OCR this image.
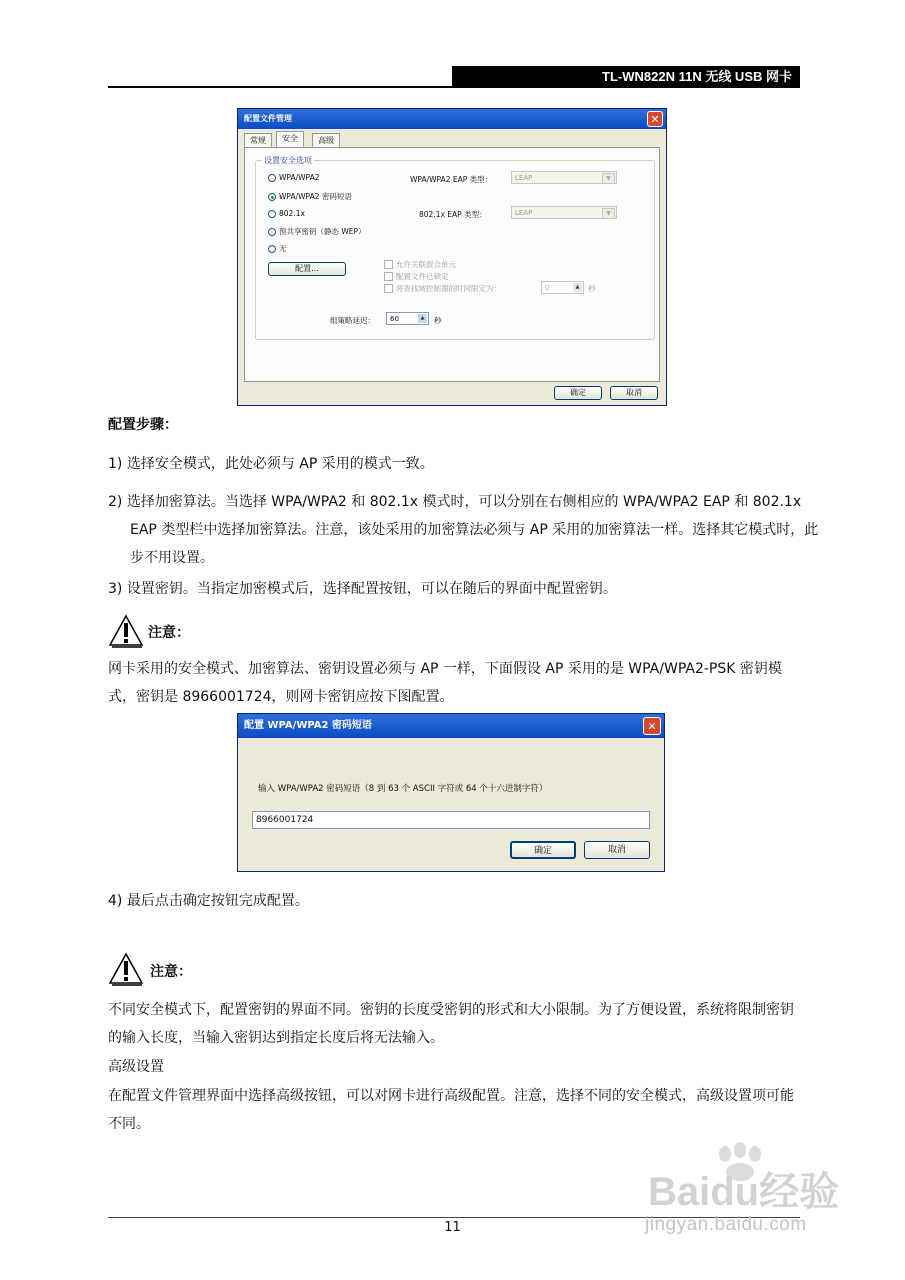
TL-WN822N 11N 无线 USB 网卡
配置文件管理	✕
常规	安全	高级
设置安全选项
WPA/WPA2
WPA/WPA2 密码短语
802.1x
预共享密钥（静态 WEP）
无
WPA/WPA2 EAP 类型：	LEAP	▼
802.1x EAP 类型：	LEAP	▼
配置...	允许关联混合单元
配置文件已锁定
将查找域控制器的时间限定为：	0	▲	秒
组策略延迟：	60	▲	秒
确定	取消
配置步骤：
1) 选择安全模式，此处必须与 AP 采用的模式一致。
2) 选择加密算法。当选择 WPA/WPA2 和 802.1x 模式时，可以分别在右侧相应的 WPA/WPA2 EAP 和 802.1x EAP 类型栏中选择加密算法。注意，该处采用的加密算法必须与 AP 采用的加密算法一样。选择其它模式时，此步不用设置。
3) 设置密钥。当指定加密模式后，选择配置按钮，可以在随后的界面中配置密钥。
注意：
网卡采用的安全模式、加密算法、密钥设置必须与 AP 一样，下面假设 AP 采用的是 WPA/WPA2-PSK 密钥模式，密钥是 8966001724，则网卡密钥应按下图配置。
配置 WPA/WPA2 密码短语	✕
输入 WPA/WPA2 密码短语（8 到 63 个 ASCII 字符或 64 个十六进制字符）
8966001724
确定	取消
4) 最后点击确定按钮完成配置。
注意：
不同安全模式下，配置密钥的界面不同。密钥的长度受密钥的形式和大小限制。为了方便设置，系统将限制密钥的输入长度，当输入密钥达到指定长度后将无法输入。
高级设置
在配置文件管理界面中选择高级按钮，可以对网卡进行高级配置。注意，选择不同的安全模式，高级设置项可能不同。
11
Baidu经验
jingyan.baidu.com
